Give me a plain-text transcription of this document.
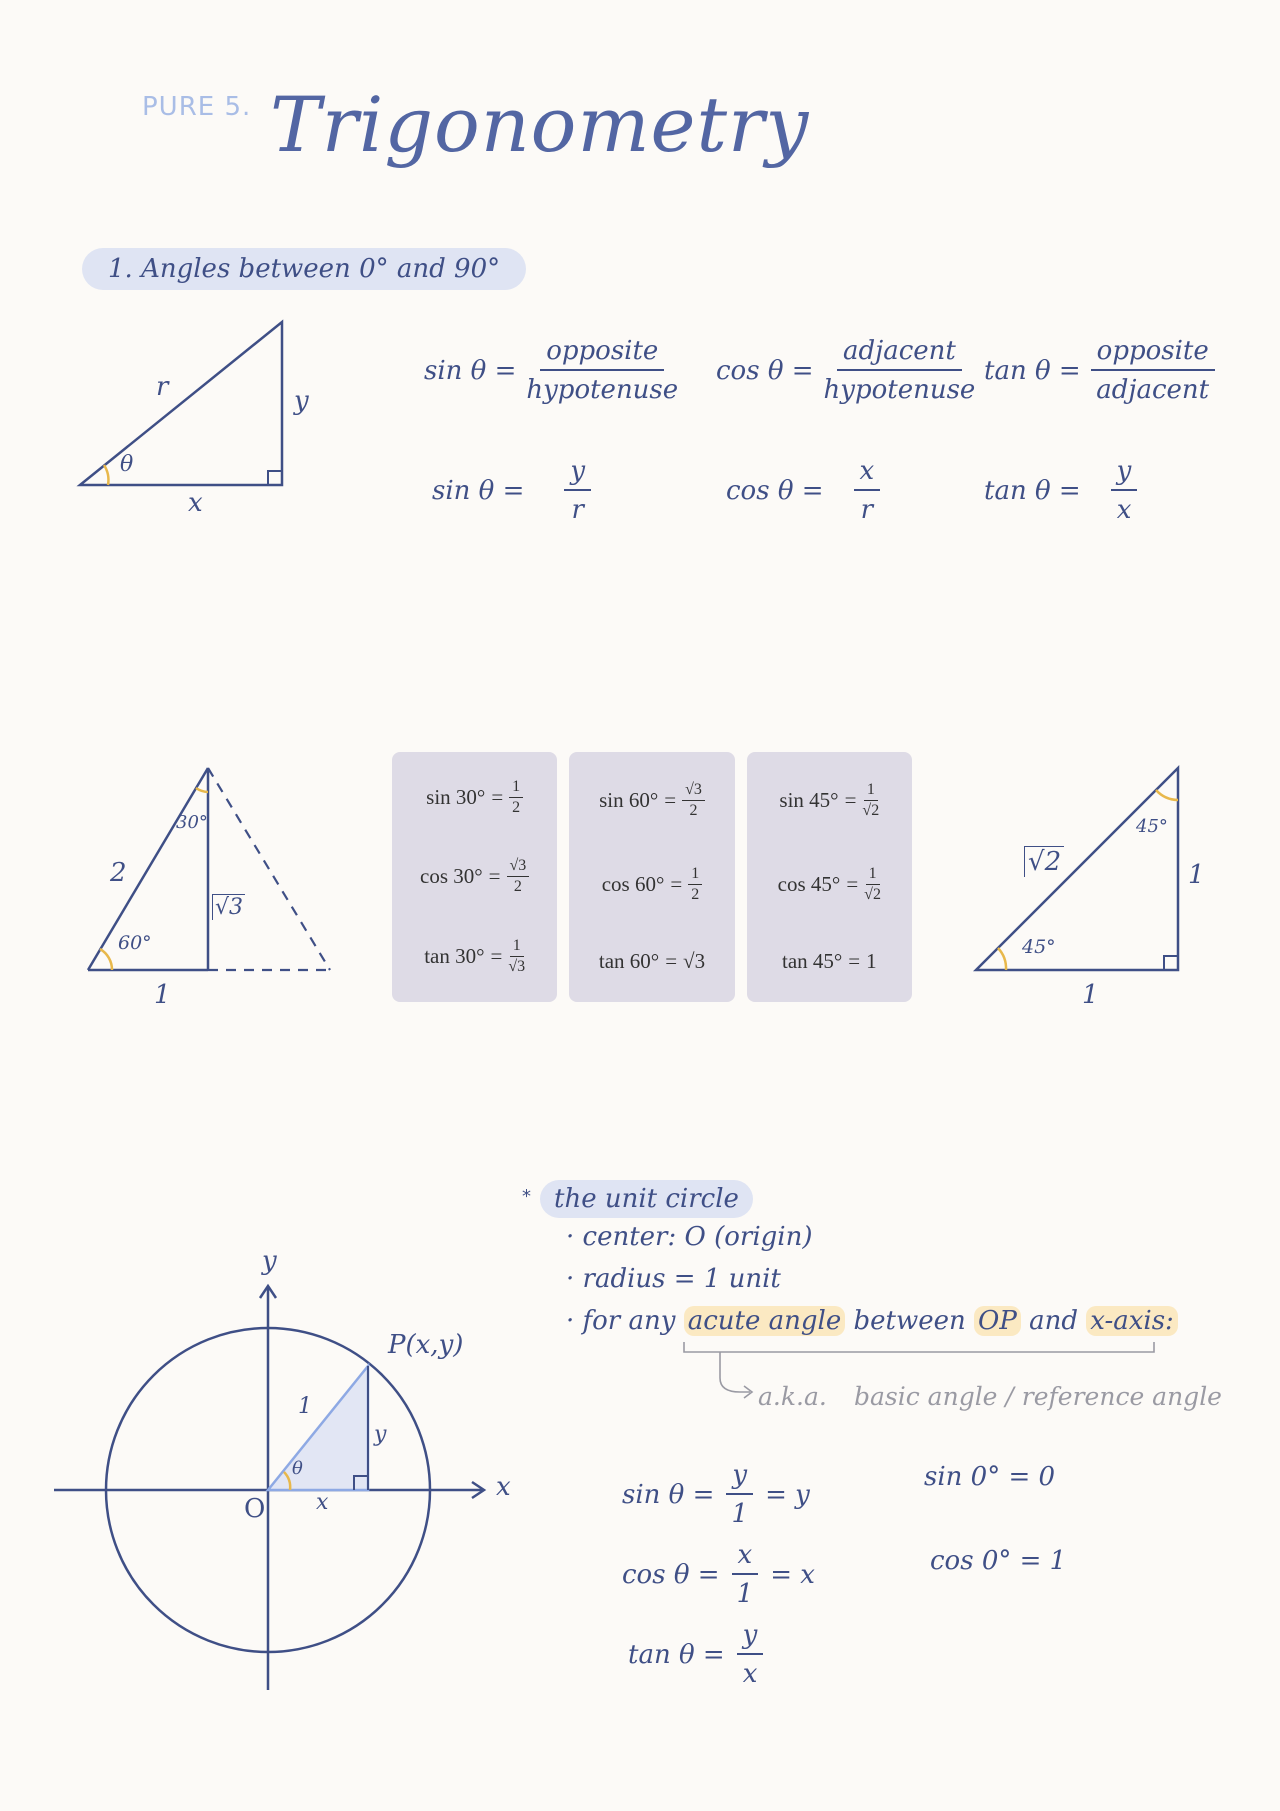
PURE 5. Trigonometry
1. Angles between 0° and 90°
r	y
x
θ
$\sin \theta = \frac{\text{opposite}}{\text{hypotenuse}}$ $\cos \theta = \frac{\text{adjacent}}{\text{hypotenuse}}$ $\tan \theta = \frac{\text{opposite}}{\text{adjacent}}$
$\sin \theta = \frac{y}{r}$	$\cos \theta = \frac{x}{r}$	$\tan \theta = \frac{y}{x}$
2
√3
1
30°
60°
$\sin 30^\circ = \frac{1}{2}$
$\cos 30^\circ = \frac{√3}{2}$
$\tan 30^\circ = \frac{1}{√3}$
$\sin 60^\circ = \frac{√3}{2}$
$\cos 60^\circ = \frac{1}{2}$
tan 60° = √3
$\sin 45^\circ = \frac{1}{√2}$
$\cos 45^\circ = \frac{1}{√2}$
tan 45° = 1
√2	1
1
45°
45°
* the unit circle
· center: O (origin)
· radius = 1 unit
· for any acute angle between OP and x-axis:
a.k.a. basic angle / reference angle
y
x
O
P(x,y)
1
y
x
θ
$\sin \theta = \frac{y}{1} = y$
$\cos \theta = \frac{x}{1} = x$
$\tan \theta = \frac{y}{x}$
sin 0° = 0
cos 0° = 1
